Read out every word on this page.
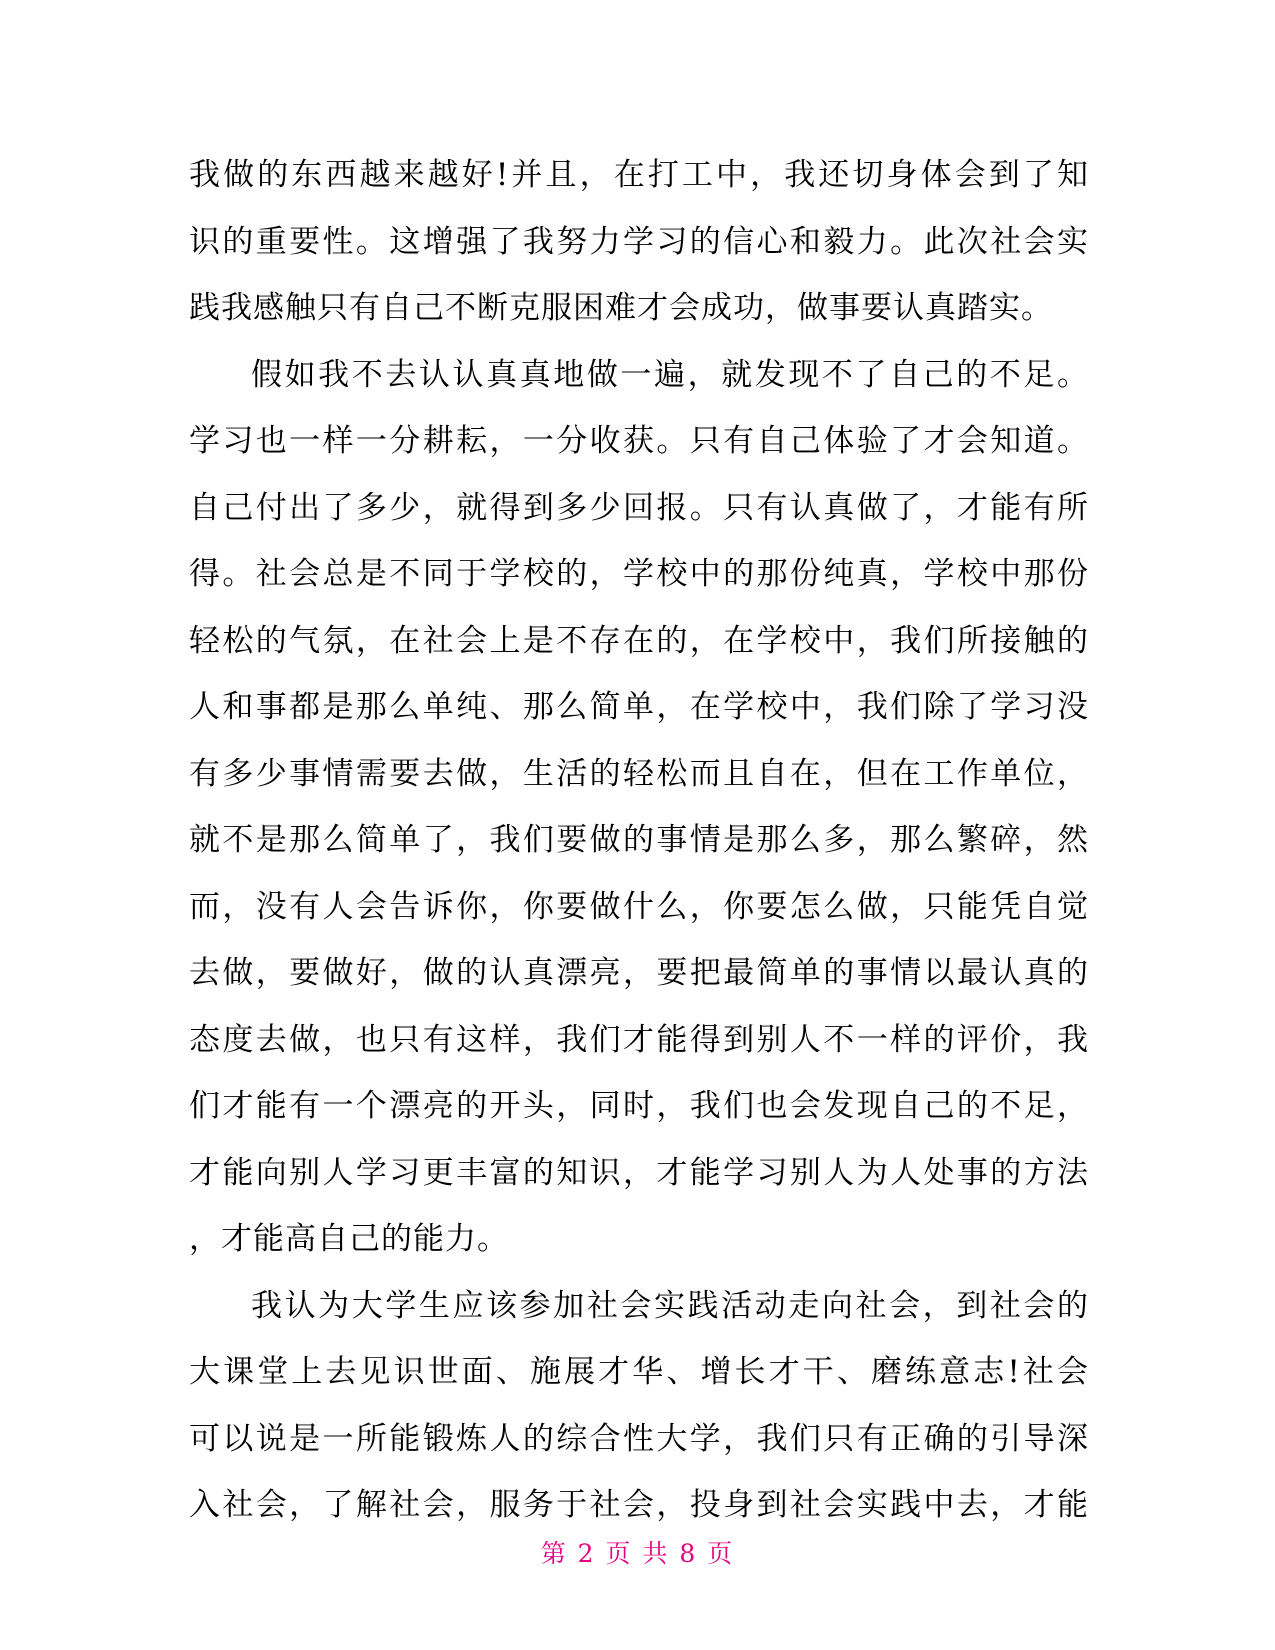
我做的东西越来越好!并且，在打工中，我还切身体会到了知
识的重要性。这增强了我努力学习的信心和毅力。此次社会实
践我感触只有自己不断克服困难才会成功，做事要认真踏实。
假如我不去认认真真地做一遍，就发现不了自己的不足。
学习也一样一分耕耘，一分收获。只有自己体验了才会知道。
自己付出了多少，就得到多少回报。只有认真做了，才能有所
得。社会总是不同于学校的，学校中的那份纯真，学校中那份
轻松的气氛，在社会上是不存在的，在学校中，我们所接触的
人和事都是那么单纯、那么简单，在学校中，我们除了学习没
有多少事情需要去做，生活的轻松而且自在，但在工作单位，
就不是那么简单了，我们要做的事情是那么多，那么繁碎，然
而，没有人会告诉你，你要做什么，你要怎么做，只能凭自觉
去做，要做好，做的认真漂亮，要把最简单的事情以最认真的
态度去做，也只有这样，我们才能得到别人不一样的评价，我
们才能有一个漂亮的开头，同时，我们也会发现自己的不足，
才能向别人学习更丰富的知识，才能学习别人为人处事的方法
，才能高自己的能力。
我认为大学生应该参加社会实践活动走向社会，到社会的
大课堂上去见识世面、施展才华、增长才干、磨练意志!社会
可以说是一所能锻炼人的综合性大学，我们只有正确的引导深
入社会，了解社会，服务于社会，投身到社会实践中去，才能
第 2 页 共 8 页
